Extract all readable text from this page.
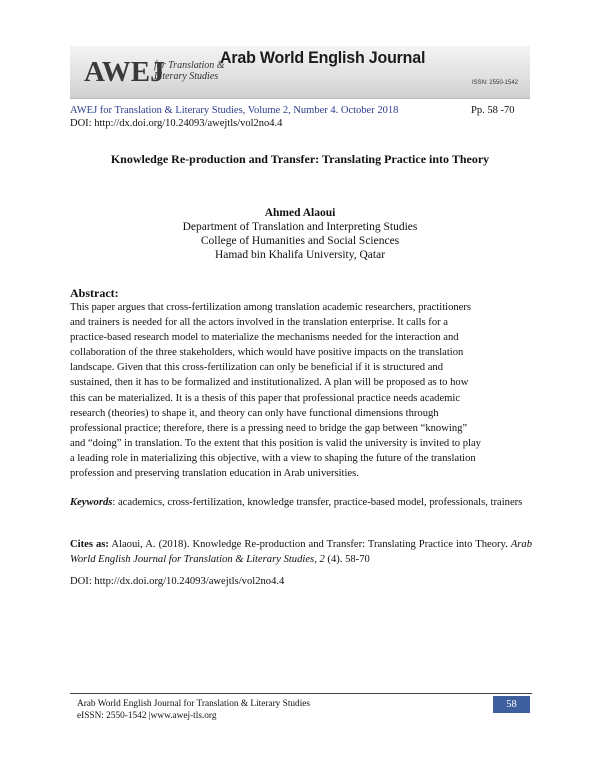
AWEJ
for Translation & Literary Studies
Arab World English Journal
ISSN: 2550-1542
AWEJ for Translation & Literary Studies, Volume 2, Number 4. October 2018	Pp. 58 -70
DOI: http://dx.doi.org/10.24093/awejtls/vol2no4.4
Knowledge Re-production and Transfer: Translating Practice into Theory
Ahmed Alaoui
Department of Translation and Interpreting Studies
College of Humanities and Social Sciences
Hamad bin Khalifa University, Qatar
Abstract:
This paper argues that cross-fertilization among translation academic researchers, practitioners
and trainers is needed for all the actors involved in the translation enterprise. It calls for a
practice-based research model to materialize the mechanisms needed for the interaction and
collaboration of the three stakeholders, which would have positive impacts on the translation
landscape. Given that this cross-fertilization can only be beneficial if it is structured and
sustained, then it has to be formalized and institutionalized. A plan will be proposed as to how
this can be materialized. It is a thesis of this paper that professional practice needs academic
research (theories) to shape it, and theory can only have functional dimensions through
professional practice; therefore, there is a pressing need to bridge the gap between “knowing”
and “doing” in translation. To the extent that this position is valid the university is invited to play
a leading role in materializing this objective, with a view to shaping the future of the translation
profession and preserving translation education in Arab universities.

Keywords: academics, cross-fertilization, knowledge transfer, practice-based model, professionals, trainers

Cites as: Alaoui, A. (2018). Knowledge Re-production and Transfer: Translating Practice into Theory. Arab World English Journal for Translation & Literary Studies, 2 (4). 58-70

DOI: http://dx.doi.org/10.24093/awejtls/vol2no4.4
Arab World English Journal for Translation & Literary Studies
eISSN: 2550-1542 |www.awej-tls.org
58
